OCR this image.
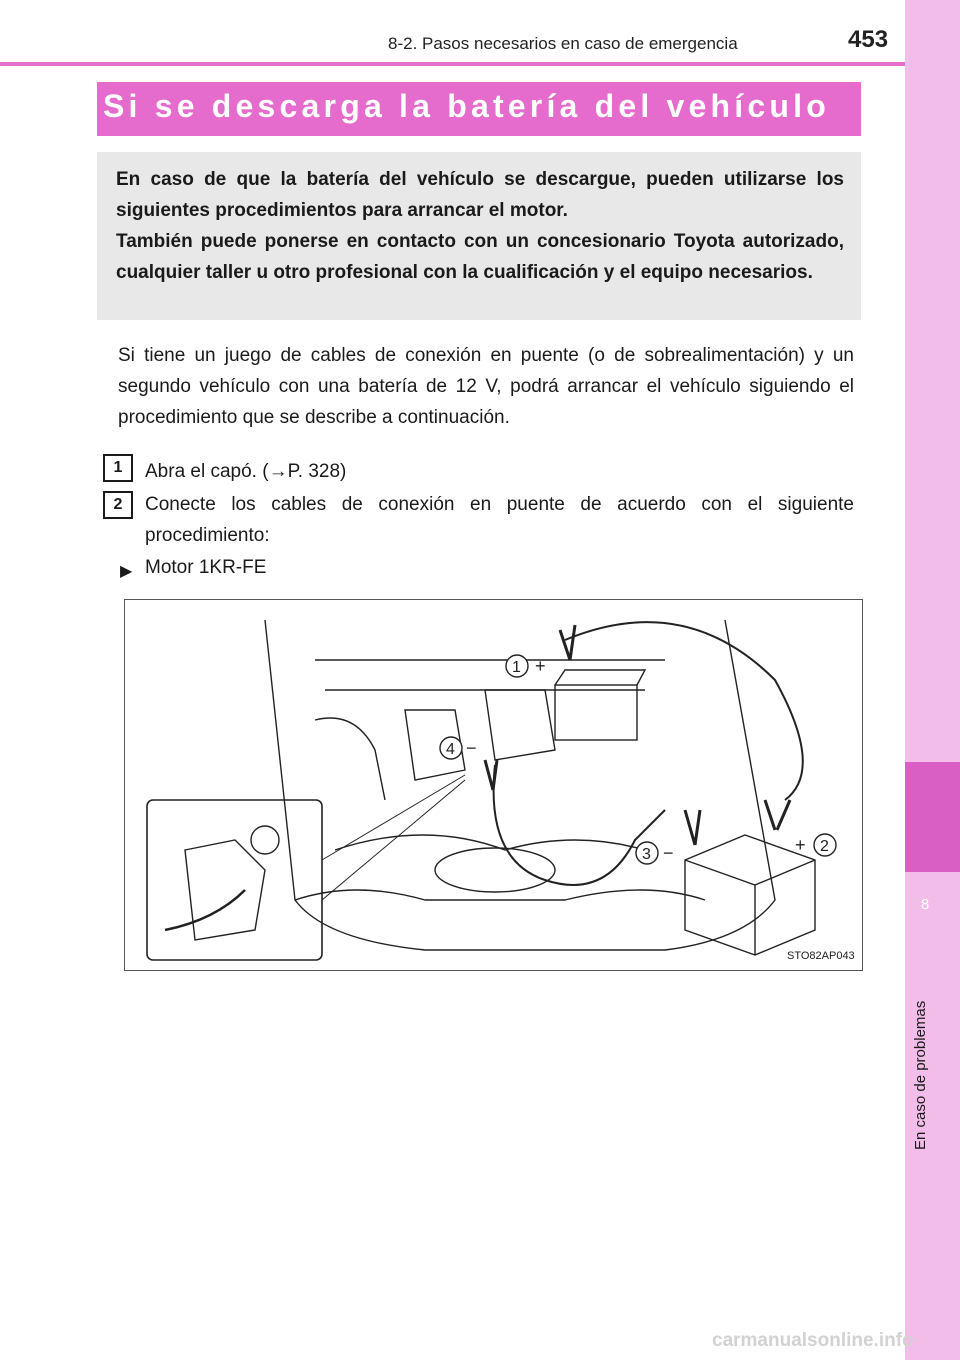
8-2. Pasos necesarios en caso de emergencia	453
8
En caso de problemas
Si se descarga la batería del vehículo

En caso de que la batería del vehículo se descargue, pueden utilizarse los siguientes procedimientos para arrancar el motor.

También puede ponerse en contacto con un concesionario Toyota autorizado, cualquier taller u otro profesional con la cualificación y el equipo necesarios.

Si tiene un juego de cables de conexión en puente (o de sobrealimentación) y un segundo vehículo con una batería de 12 V, podrá arrancar el vehículo siguiendo el procedimiento que se describe a continuación.
1	Abra el capó. (→P. 328)
2	Conecte los cables de conexión en puente de acuerdo con el siguiente procedimiento:
▶ Motor 1KR-FE
1 +
4 −
2
+
3 −
STO82AP043
carmanualsonline.info
